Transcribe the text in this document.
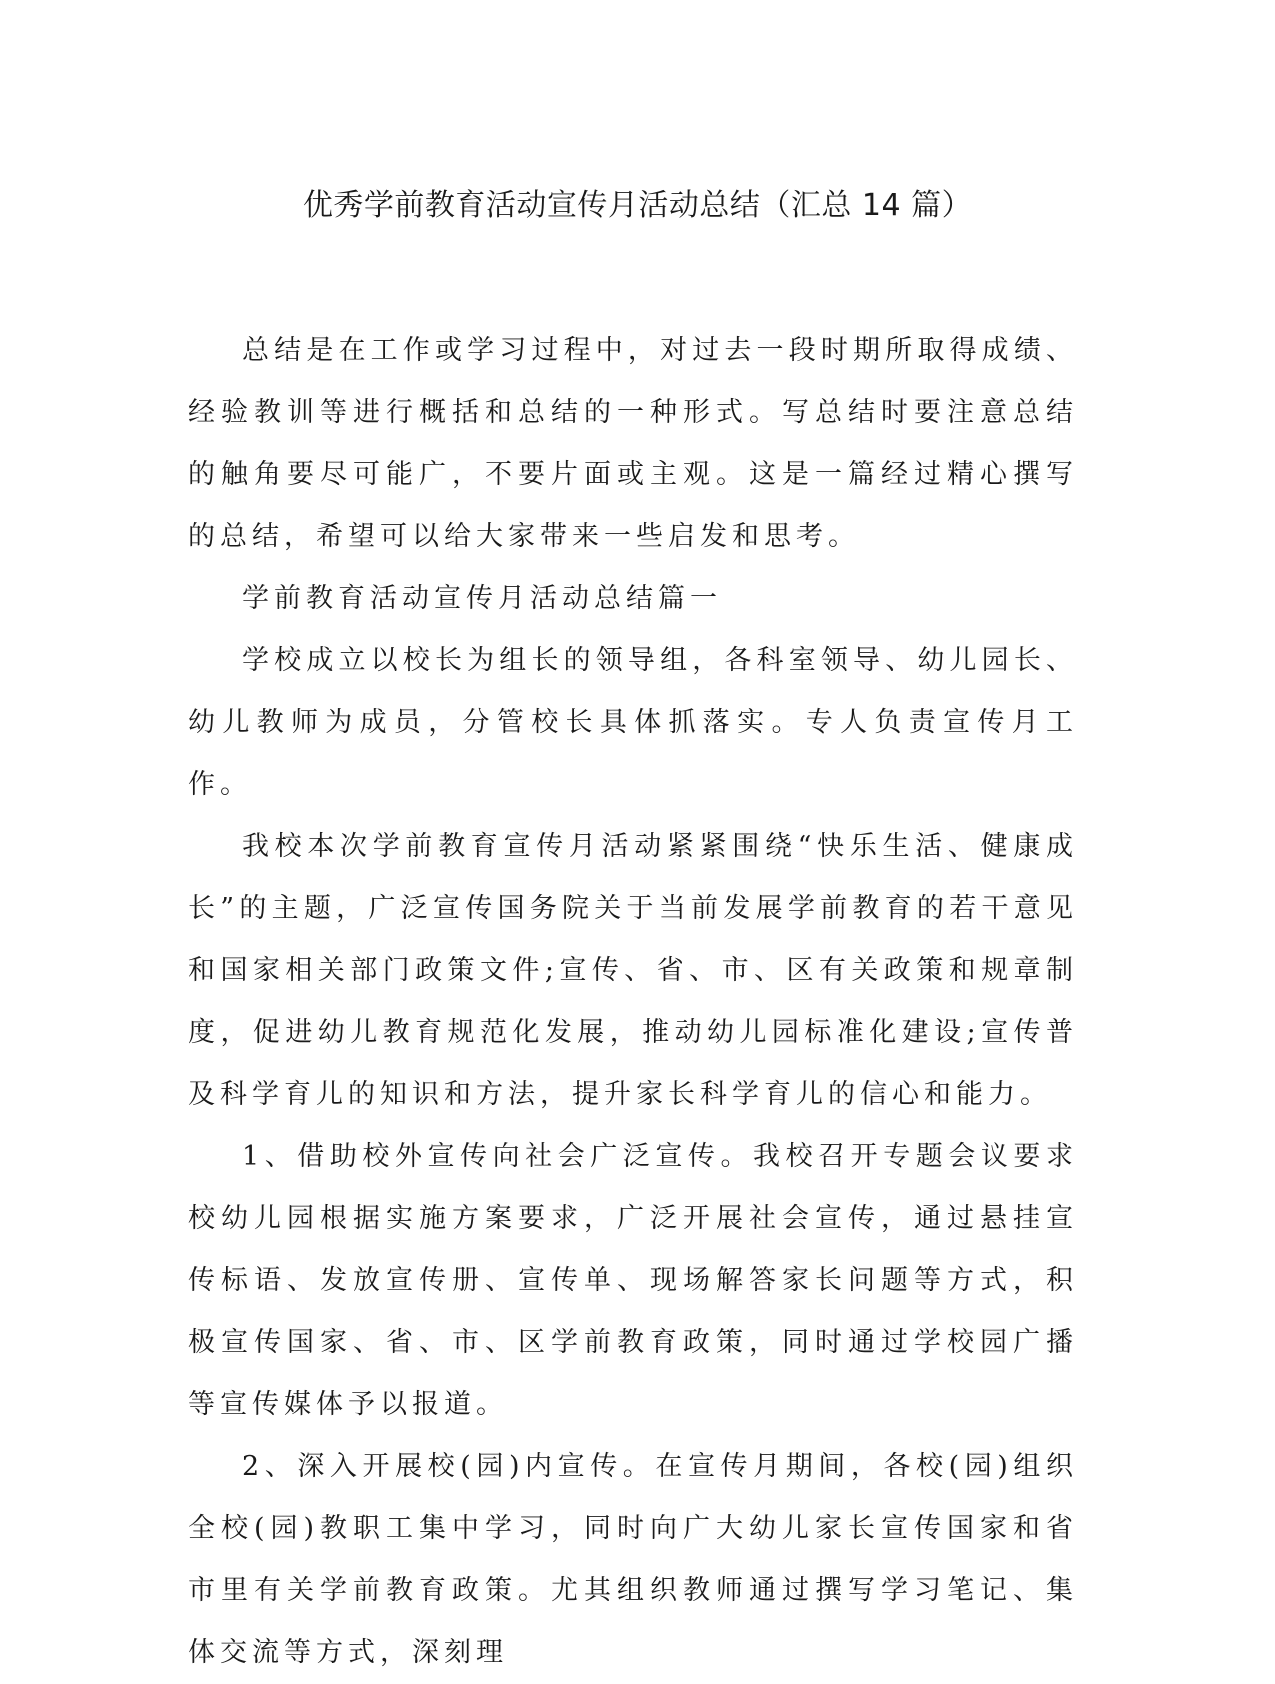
优秀学前教育活动宣传月活动总结（汇总 14 篇）

总结是在工作或学习过程中，对过去一段时期所取得成绩、经验教训等进行概括和总结的一种形式。写总结时要注意总结的触角要尽可能广，不要片面或主观。这是一篇经过精心撰写的总结，希望可以给大家带来一些启发和思考。

学前教育活动宣传月活动总结篇一

学校成立以校长为组长的领导组，各科室领导、幼儿园长、幼儿教师为成员，分管校长具体抓落实。专人负责宣传月工作。

我校本次学前教育宣传月活动紧紧围绕“快乐生活、健康成长”的主题，广泛宣传国务院关于当前发展学前教育的若干意见和国家相关部门政策文件;宣传、省、市、区有关政策和规章制度，促进幼儿教育规范化发展，推动幼儿园标准化建设;宣传普及科学育儿的知识和方法，提升家长科学育儿的信心和能力。

1、借助校外宣传向社会广泛宣传。我校召开专题会议要求校幼儿园根据实施方案要求，广泛开展社会宣传，通过悬挂宣传标语、发放宣传册、宣传单、现场解答家长问题等方式，积极宣传国家、省、市、区学前教育政策，同时通过学校园广播等宣传媒体予以报道。

2、深入开展校(园)内宣传。在宣传月期间，各校(园)组织全校(园)教职工集中学习，同时向广大幼儿家长宣传国家和省市里有关学前教育政策。尤其组织教师通过撰写学习笔记、集体交流等方式，深刻理
